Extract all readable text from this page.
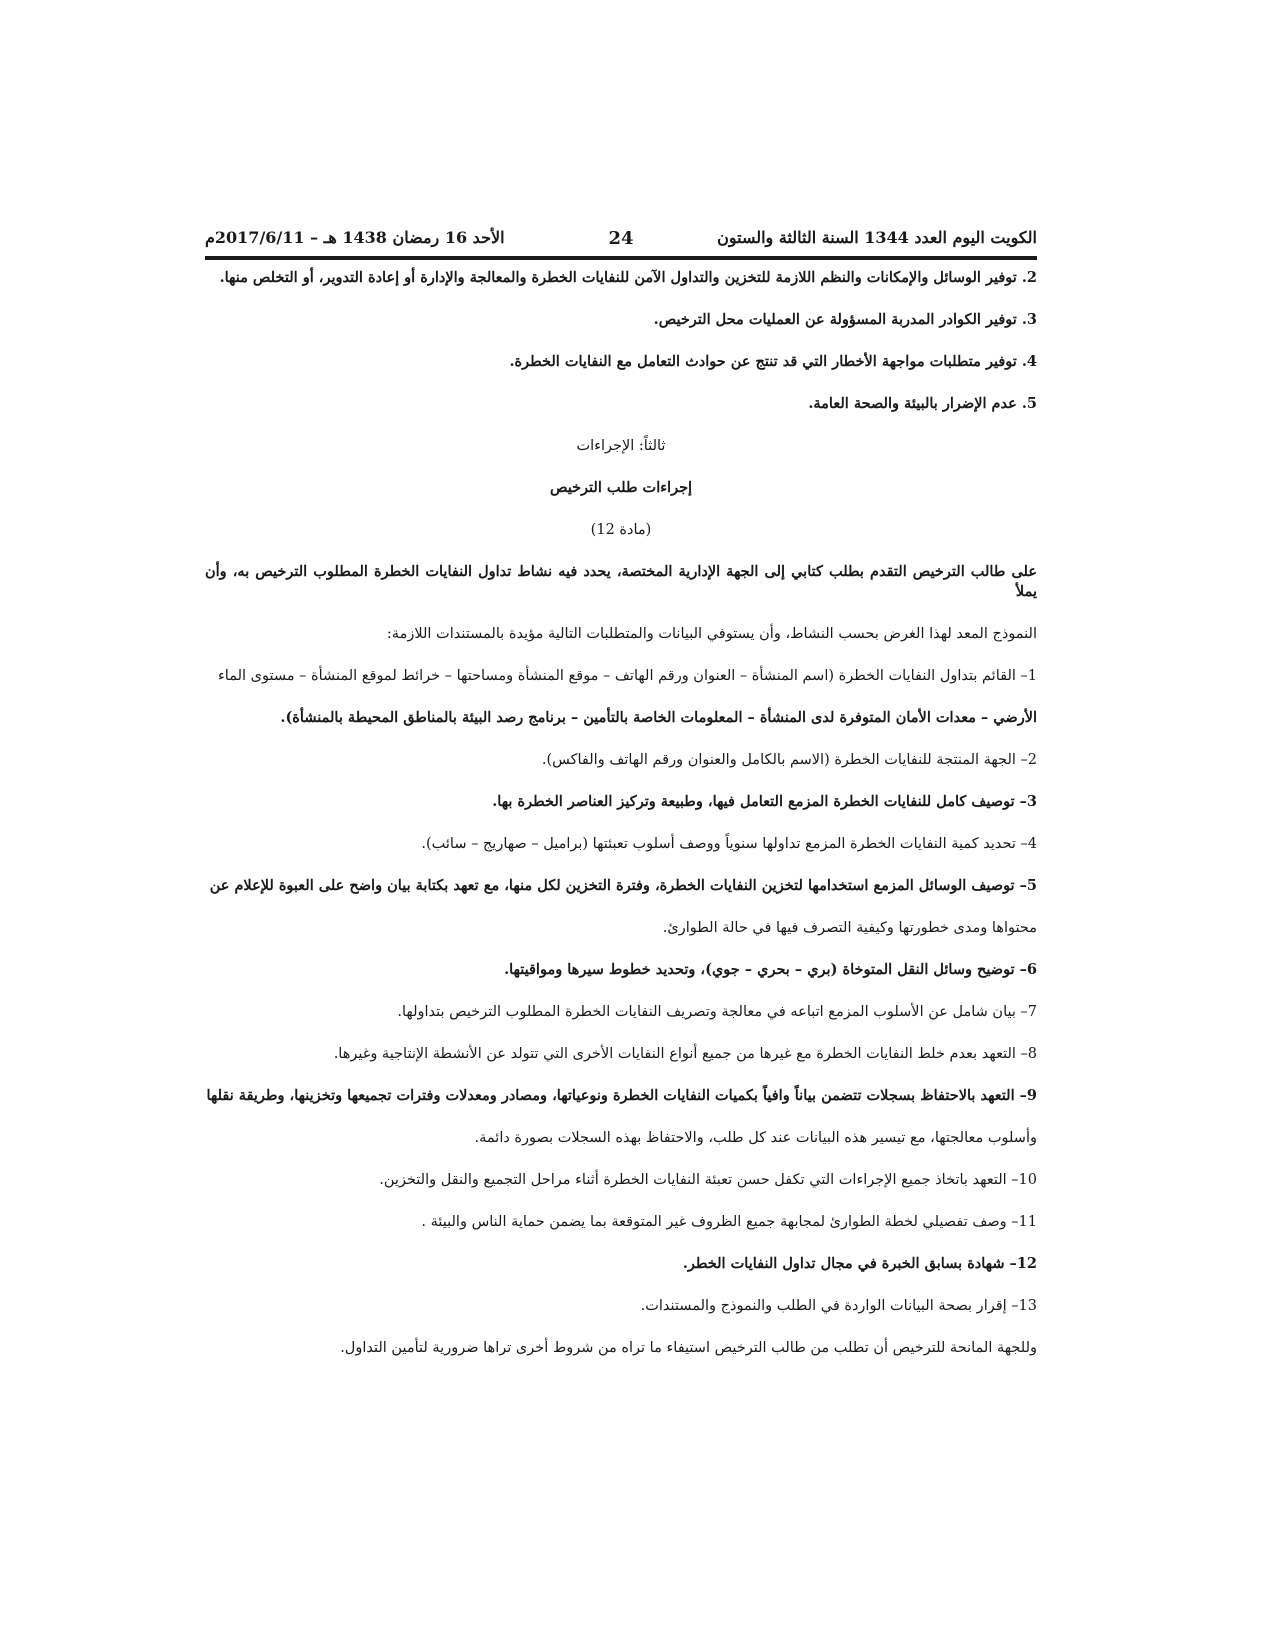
الكويت اليوم العدد 1344 السنة الثالثة والستون
24
الأحد 16 رمضان 1438 هـ – 2017/6/11م
2. توفير الوسائل والإمكانات والنظم اللازمة للتخزين والتداول الآمن للنفايات الخطرة والمعالجة والإدارة أو إعادة التدوير، أو التخلص منها.
3. توفير الكوادر المدربة المسؤولة عن العمليات محل الترخيص.
4. توفير متطلبات مواجهة الأخطار التي قد تنتج عن حوادث التعامل مع النفايات الخطرة.
5. عدم الإضرار بالبيئة والصحة العامة.
ثالثاً: الإجراءات
إجراءات طلب الترخيص
(مادة 12)
على طالب الترخيص التقدم بطلب كتابي إلى الجهة الإدارية المختصة، يحدد فيه نشاط تداول النفايات الخطرة المطلوب الترخيص به، وأن يملأ
النموذج المعد لهذا الغرض بحسب النشاط، وأن يستوفي البيانات والمتطلبات التالية مؤيدة بالمستندات اللازمة:
1– القائم بتداول النفايات الخطرة (اسم المنشأة – العنوان ورقم الهاتف – موقع المنشأة ومساحتها – خرائط لموقع المنشأة – مستوى الماء
الأرضي – معدات الأمان المتوفرة لدى المنشأة – المعلومات الخاصة بالتأمين – برنامج رصد البيئة بالمناطق المحيطة بالمنشأة).
2– الجهة المنتجة للنفايات الخطرة (الاسم بالكامل والعنوان ورقم الهاتف والفاكس).
3– توصيف كامل للنفايات الخطرة المزمع التعامل فيها، وطبيعة وتركيز العناصر الخطرة بها.
4– تحديد كمية النفايات الخطرة المزمع تداولها سنوياً ووصف أسلوب تعبئتها (براميل – صهاريج – سائب).
5– توصيف الوسائل المزمع استخدامها لتخزين النفايات الخطرة، وفترة التخزين لكل منها، مع تعهد بكتابة بيان واضح على العبوة للإعلام عن
محتواها ومدى خطورتها وكيفية التصرف فيها في حالة الطوارئ.
6– توضيح وسائل النقل المتوخاة (بري – بحري – جوي)، وتحديد خطوط سيرها ومواقيتها.
7– بيان شامل عن الأسلوب المزمع اتباعه في معالجة وتصريف النفايات الخطرة المطلوب الترخيص بتداولها.
8– التعهد بعدم خلط النفايات الخطرة مع غيرها من جميع أنواع النفايات الأخرى التي تتولد عن الأنشطة الإنتاجية وغيرها.
9– التعهد بالاحتفاظ بسجلات تتضمن بياناً وافياً بكميات النفايات الخطرة ونوعياتها، ومصادر ومعدلات وفترات تجميعها وتخزينها، وطريقة نقلها
وأسلوب معالجتها، مع تيسير هذه البيانات عند كل طلب، والاحتفاظ بهذه السجلات بصورة دائمة.
10– التعهد باتخاذ جميع الإجراءات التي تكفل حسن تعبئة النفايات الخطرة أثناء مراحل التجميع والنقل والتخزين.
11– وصف تفصيلي لخطة الطوارئ لمجابهة جميع الظروف غير المتوقعة بما يضمن حماية الناس والبيئة .
12– شهادة بسابق الخبرة في مجال تداول النفايات الخطر.
13– إقرار بصحة البيانات الواردة في الطلب والنموذج والمستندات.
وللجهة المانحة للترخيص أن تطلب من طالب الترخيص استيفاء ما تراه من شروط أخرى تراها ضرورية لتأمين التداول.
